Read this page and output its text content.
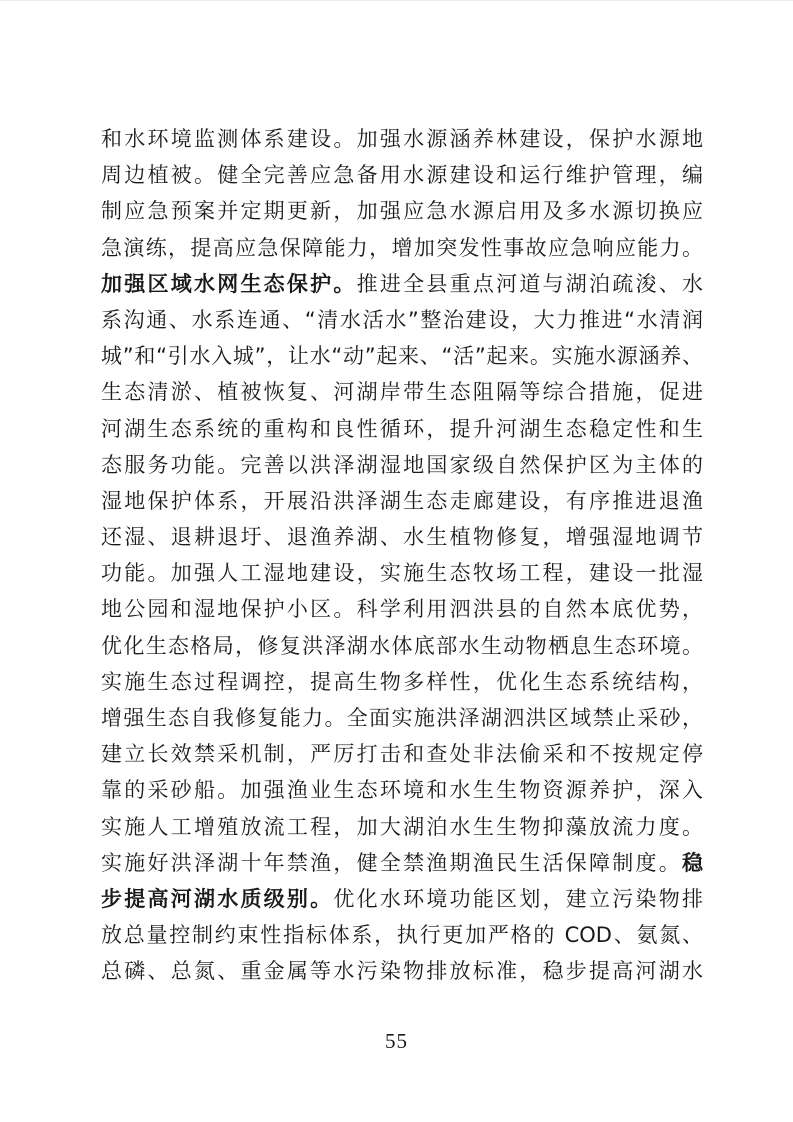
和水环境监测体系建设。加强水源涵养林建设，保护水源地
周边植被。健全完善应急备用水源建设和运行维护管理，编
制应急预案并定期更新，加强应急水源启用及多水源切换应
急演练，提高应急保障能力，增加突发性事故应急响应能力。
加强区域水网生态保护。推进全县重点河道与湖泊疏浚、水
系沟通、水系连通、“清水活水”整治建设，大力推进“水清润
城”和“引水入城”，让水“动”起来、“活”起来。实施水源涵养、
生态清淤、植被恢复、河湖岸带生态阻隔等综合措施，促进
河湖生态系统的重构和良性循环，提升河湖生态稳定性和生
态服务功能。完善以洪泽湖湿地国家级自然保护区为主体的
湿地保护体系，开展沿洪泽湖生态走廊建设，有序推进退渔
还湿、退耕退圩、退渔养湖、水生植物修复，增强湿地调节
功能。加强人工湿地建设，实施生态牧场工程，建设一批湿
地公园和湿地保护小区。科学利用泗洪县的自然本底优势，
优化生态格局，修复洪泽湖水体底部水生动物栖息生态环境。
实施生态过程调控，提高生物多样性，优化生态系统结构，
增强生态自我修复能力。全面实施洪泽湖泗洪区域禁止采砂，
建立长效禁采机制，严厉打击和查处非法偷采和不按规定停
靠的采砂船。加强渔业生态环境和水生生物资源养护，深入
实施人工增殖放流工程，加大湖泊水生生物抑藻放流力度。
实施好洪泽湖十年禁渔，健全禁渔期渔民生活保障制度。稳
步提高河湖水质级别。优化水环境功能区划，建立污染物排
放总量控制约束性指标体系，执行更加严格的 COD、氨氮、
总磷、总氮、重金属等水污染物排放标准，稳步提高河湖水
55
